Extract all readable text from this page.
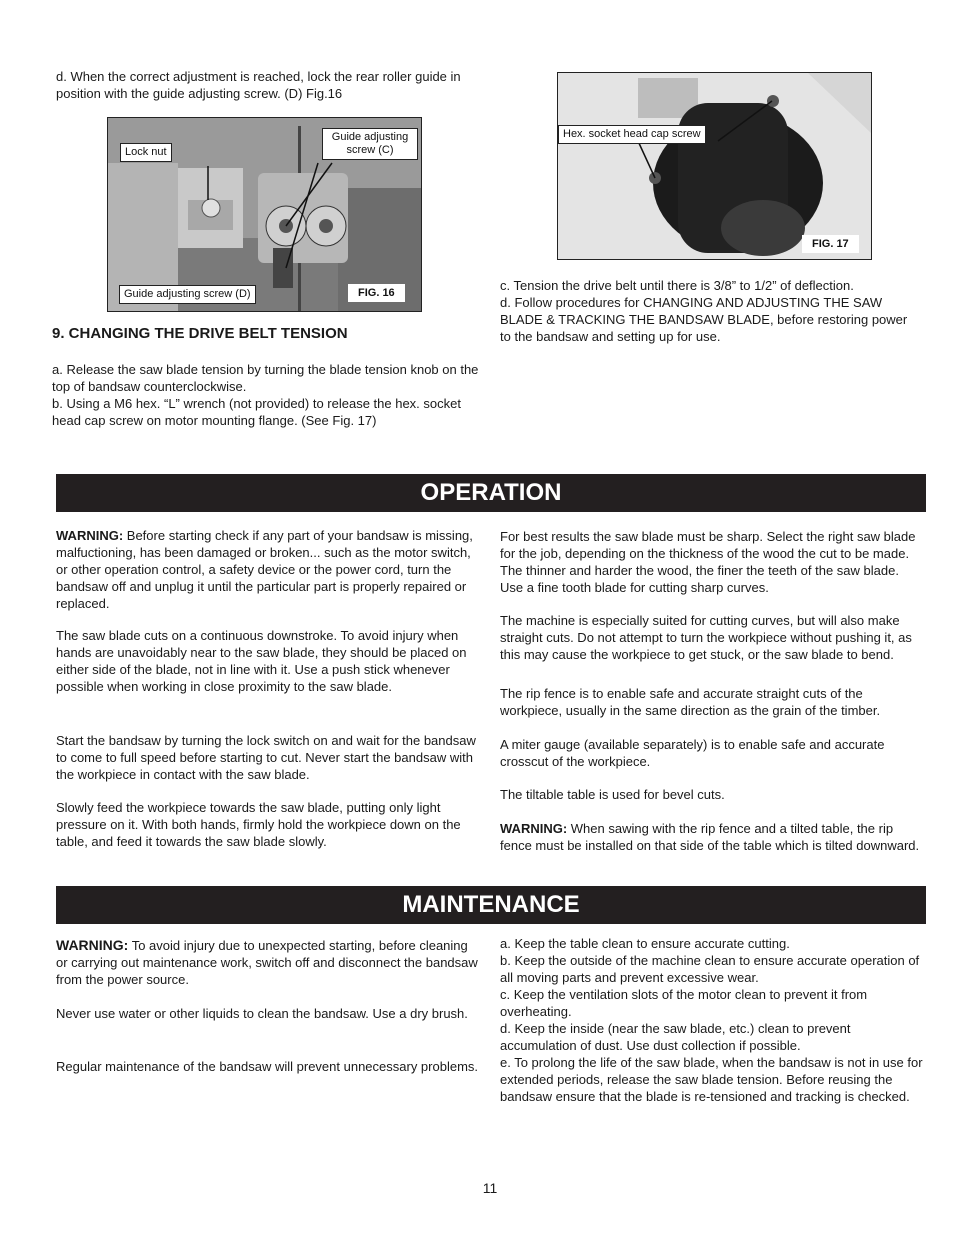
d. When the correct adjustment is reached, lock the rear roller guide in position with the guide adjusting screw. (D) Fig.16

Lock nut
Guide adjusting screw (C)
Guide adjusting screw (D)	FIG. 16
Hex. socket head cap screw
FIG. 17
9. CHANGING THE DRIVE BELT TENSION

a. Release the saw blade tension by turning the blade tension knob on the top of bandsaw counterclockwise.
b. Using a M6 hex. “L” wrench (not provided) to release the hex. socket head cap screw on motor mounting flange. (See Fig. 17)

c. Tension the drive belt until there is 3/8” to 1/2” of deflection.
d. Follow procedures for CHANGING AND ADJUSTING THE SAW BLADE & TRACKING THE BANDSAW BLADE, before restoring power to the bandsaw and setting up for use.

OPERATION

WARNING: Before starting check if any part of your bandsaw is missing, malfuctioning, has been damaged or broken... such as the motor switch, or other operation control, a safety device or the power cord, turn the bandsaw off and unplug it until the particular part is properly repaired or replaced.

The saw blade cuts on a continuous downstroke. To avoid injury when hands are unavoidably near to the saw blade, they should be placed on either side of the blade, not in line with it. Use a push stick whenever possible when working in close proximity to the saw blade.

Start the bandsaw by turning the lock switch on and wait for the bandsaw to come to full speed before starting to cut. Never start the bandsaw with the workpiece in contact with the saw blade.

Slowly feed the workpiece towards the saw blade, putting only light pressure on it. With both hands, firmly hold the workpiece down on the table, and feed it towards the saw blade slowly.

For best results the saw blade must be sharp. Select the right saw blade for the job, depending on the thickness of the wood the cut to be made. The thinner and harder the wood, the finer the teeth of the saw blade. Use a fine tooth blade for cutting sharp curves.

The machine is especially suited for cutting curves, but will also make straight cuts. Do not attempt to turn the workpiece without pushing it, as this may cause the workpiece to get stuck, or the saw blade to bend.

The rip fence is to enable safe and accurate straight cuts of the workpiece, usually in the same direction as the grain of the timber.

A miter gauge (available separately) is to enable safe and accurate crosscut of the workpiece.

The tiltable table is used for bevel cuts.

WARNING: When sawing with the rip fence and a tilted table, the rip fence must be installed on that side of the table which is tilted downward.

MAINTENANCE

WARNING: To avoid injury due to unexpected starting, before cleaning or carrying out maintenance work, switch off and disconnect the bandsaw from the power source.

Never use water or other liquids to clean the bandsaw. Use a dry brush.

Regular maintenance of the bandsaw will prevent unnecessary problems.

a. Keep the table clean to ensure accurate cutting.
b. Keep the outside of the machine clean to ensure accurate operation of all moving parts and prevent excessive wear.
c. Keep the ventilation slots of the motor clean to prevent it from overheating.
d. Keep the inside (near the saw blade, etc.) clean to prevent accumulation of dust. Use dust collection if possible.
e. To prolong the life of the saw blade, when the bandsaw is not in use for extended periods, release the saw blade tension. Before reusing the bandsaw ensure that the blade is re-tensioned and tracking is checked.

11
